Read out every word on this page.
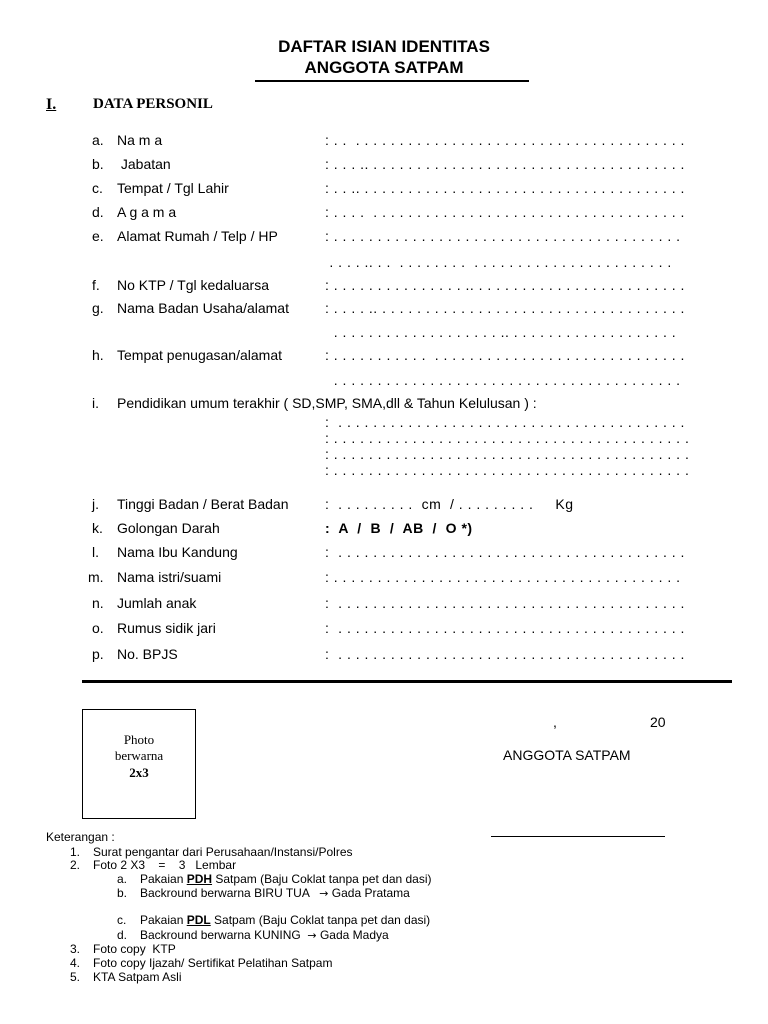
DAFTAR ISIAN IDENTITAS
ANGGOTA SATPAM
I. DATA PERSONIL
a. Na m a	: . .  . . . . . . . . . . . . . . . . . . . . . . . . . . . . . . . . . . . . . .
b. Jabatan	: . . . .. . . . . . . . . . . . . . . . . . . . . . . . . . . . . . . . . . . . .
c. Tempat / Tgl Lahir	: . . .. . . . . . . . . . . . . . . . . . . . . . . . . . . . . . . . . . . . . .
d. A g a m a	: . . . .  . . . . . . . . . . . . . . . . . . . . . . . . . . . . . . . . . . . .
e. Alamat Rumah / Telp / HP	: . . . . . . . . . . . . . . . . . . . . . . . . . . . . . . . . . . . . . . . .
. . . . .. . .  . . . . . . . .  . . . . . . . . . . . . . . . . . . . . . . .
f. No KTP / Tgl kedaluarsa	: . . . . . . . . . . . . . . . .. . . . . . . . . . . . . . . . . . . . . . . . .
g. Nama Badan Usaha/alamat	: . . . . .. . . . . . . . . . . . . . . . . . . . . . . . . . . . . . . . . . . .
. . . . . . . . . . . . . . . . . . . .. . . . . . . . . . . . . . . . . . . .
h. Tempat penugasan/alamat	: . . . . . . . . . . .  . . . . . . . . . . . . . . . . . . . . . . . . . . . . .
. . . . . . . . . . . . . . . . . . . . . . . . . . . . . . . . . . . . . . . .
i. Pendidikan umum terakhir ( SD,SMP, SMA,dll & Tahun Kelulusan ) :
:  . . . . . . . . . . . . . . . . . . . . . . . . . . . . . . . . . . . . . . . .
: . . . . . . . . . . . . . . . . . . . . . . . . . . . . . . . . . . . . . . . . .
: . . . . . . . . . . . . . . . . . . . . . . . . . . . . . . . . . . . . . . . . .
: . . . . . . . . . . . . . . . . . . . . . . . . . . . . . . . . . . . . . . . . .
j. Tinggi Badan / Berat Badan	:  . . . . . . . . .  cm  / . . . . . . . . .     Kg
k. Golongan Darah	:  A  /  B  /  AB  /  O *)
l. Nama Ibu Kandung	:  . . . . . . . . . . . . . . . . . . . . . . . . . . . . . . . . . . . . . . . .
m. Nama istri/suami	: . . . . . . . . . . . . . . . . . . . . . . . . . . . . . . . . . . . . . . . .
n. Jumlah anak	:  . . . . . . . . . . . . . . . . . . . . . . . . . . . . . . . . . . . . . . . .
o. Rumus sidik jari	:  . . . . . . . . . . . . . . . . . . . . . . . . . . . . . . . . . . . . . . . .
p. No. BPJS	:  . . . . . . . . . . . . . . . . . . . . . . . . . . . . . . . . . . . . . . . .
Photo
berwarna
2x3
,	20
ANGGOTA SATPAM
Keterangan :
1. Surat pengantar dari Perusahaan/Instansi/Polres
2. Foto 2 X3    =    3   Lembar
a. Pakaian PDH Satpam (Baju Coklat tanpa pet dan dasi)
b. Backround berwarna BIRU TUA   → Gada Pratama
c. Pakaian PDL Satpam (Baju Coklat tanpa pet dan dasi)
d. Backround berwarna KUNING  → Gada Madya
3. Foto copy  KTP
4. Foto copy Ijazah/ Sertifikat Pelatihan Satpam
5. KTA Satpam Asli
